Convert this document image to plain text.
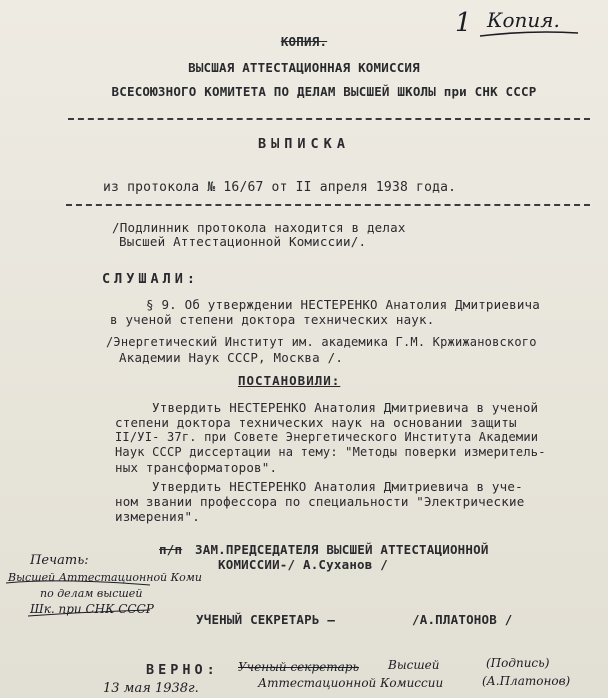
1 Копия.
КОПИЯ.
ВЫСШАЯ АТТЕСТАЦИОННАЯ КОМИССИЯ
ВСЕСОЮЗНОГО КОМИТЕТА ПО ДЕЛАМ ВЫСШЕЙ ШКОЛЫ при СНК СССР
ВЫПИСКА
из протокола № 16/67 от II апреля 1938 года.
/Подлинник протокола находится в делах
Высшей Аттестационной Комиссии/.
СЛУШАЛИ:
§ 9. Об утверждении НЕСТЕРЕНКО Анатолия Дмитриевича
в ученой степени доктора технических наук.
/Энергетический Институт им. академика Г.М. Кржижановского
Академии Наук СССР, Москва /.
ПОСТАНОВИЛИ:
Утвердить НЕСТЕРЕНКО Анатолия Дмитриевича в ученой
степени доктора технических наук на основании защиты
II/УI- 37г. при Совете Энергетического Института Академии
Наук СССР диссертации на тему: "Методы поверки измеритель-
ных трансформаторов".
Утвердить НЕСТЕРЕНКО Анатолия Дмитриевича в уче-
ном звании профессора по специальности "Электрические
измерения".
п/п ЗАМ.ПРЕДСЕДАТЕЛЯ ВЫСШЕЙ АТТЕСТАЦИОННОЙ
КОМИССИИ-/ А.Суханов /
УЧЕНЫЙ СЕКРЕТАРЬ —	/А.ПЛАТОНОВ /
Печать:
Высшей Аттестационной Коми
по делам высшей
Шк. при СНК СССР
ВЕРНО: Ученый секретарь Высшей
Аттестационной Комиссии
(Подпись)
(А.Платонов)
13 мая 1938г.
